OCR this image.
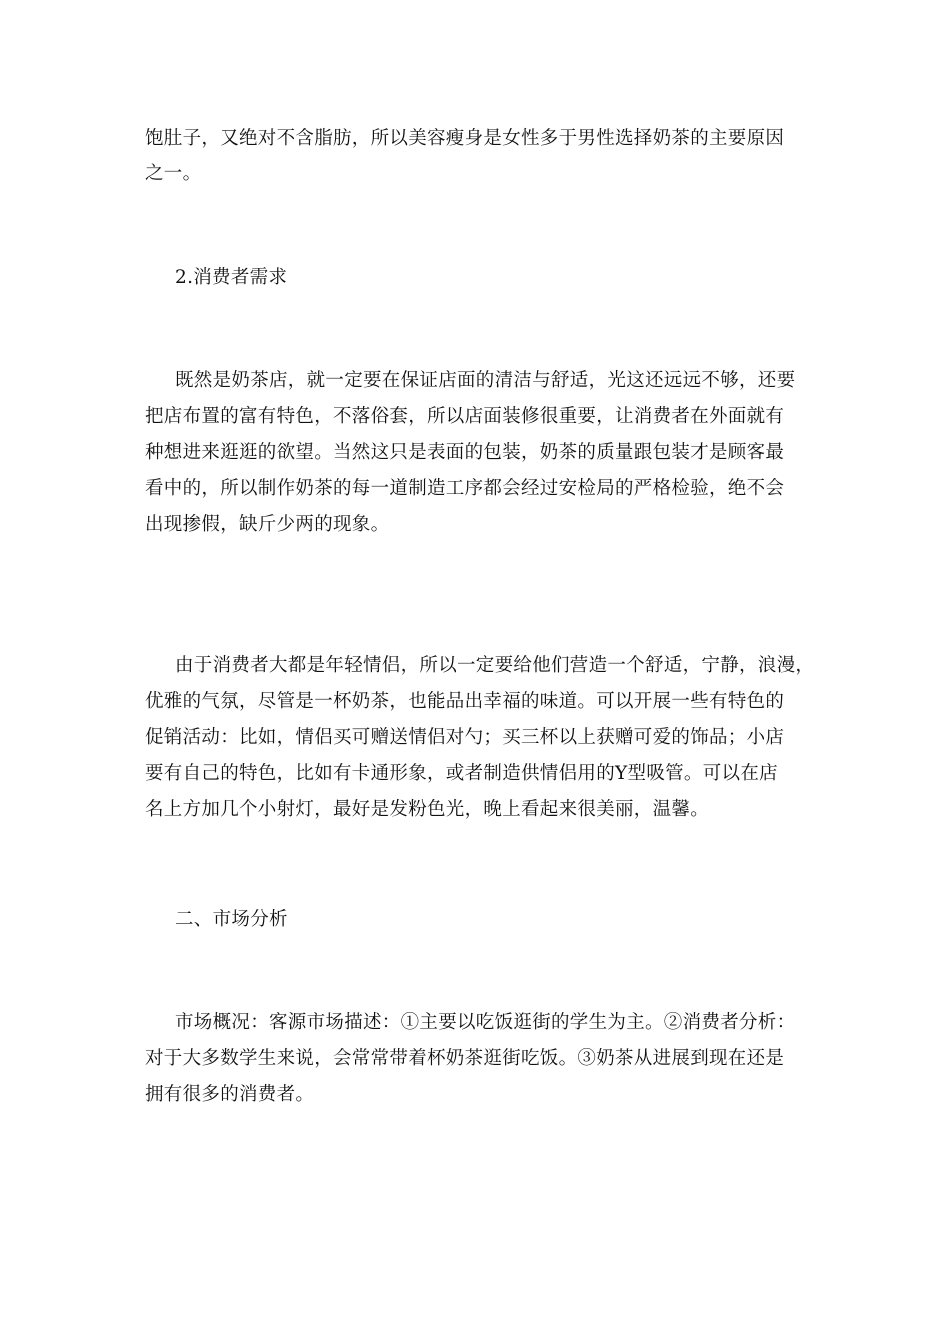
饱肚子，又绝对不含脂肪，所以美容瘦身是女性多于男性选择奶茶的主要原因
之一。
2.消费者需求
既然是奶茶店，就一定要在保证店面的清洁与舒适，光这还远远不够，还要
把店布置的富有特色，不落俗套，所以店面装修很重要，让消费者在外面就有
种想进来逛逛的欲望。当然这只是表面的包装，奶茶的质量跟包装才是顾客最
看中的，所以制作奶茶的每一道制造工序都会经过安检局的严格检验，绝不会
出现掺假，缺斤少两的现象。
由于消费者大都是年轻情侣，所以一定要给他们营造一个舒适，宁静，浪漫，
优雅的气氛，尽管是一杯奶茶，也能品出幸福的味道。可以开展一些有特色的
促销活动：比如，情侣买可赠送情侣对勺；买三杯以上获赠可爱的饰品；小店
要有自己的特色，比如有卡通形象，或者制造供情侣用的Y型吸管。可以在店
名上方加几个小射灯，最好是发粉色光，晚上看起来很美丽，温馨。
二、市场分析
市场概况：客源市场描述：①主要以吃饭逛街的学生为主。②消费者分析：
对于大多数学生来说，会常常带着杯奶茶逛街吃饭。③奶茶从进展到现在还是
拥有很多的消费者。
